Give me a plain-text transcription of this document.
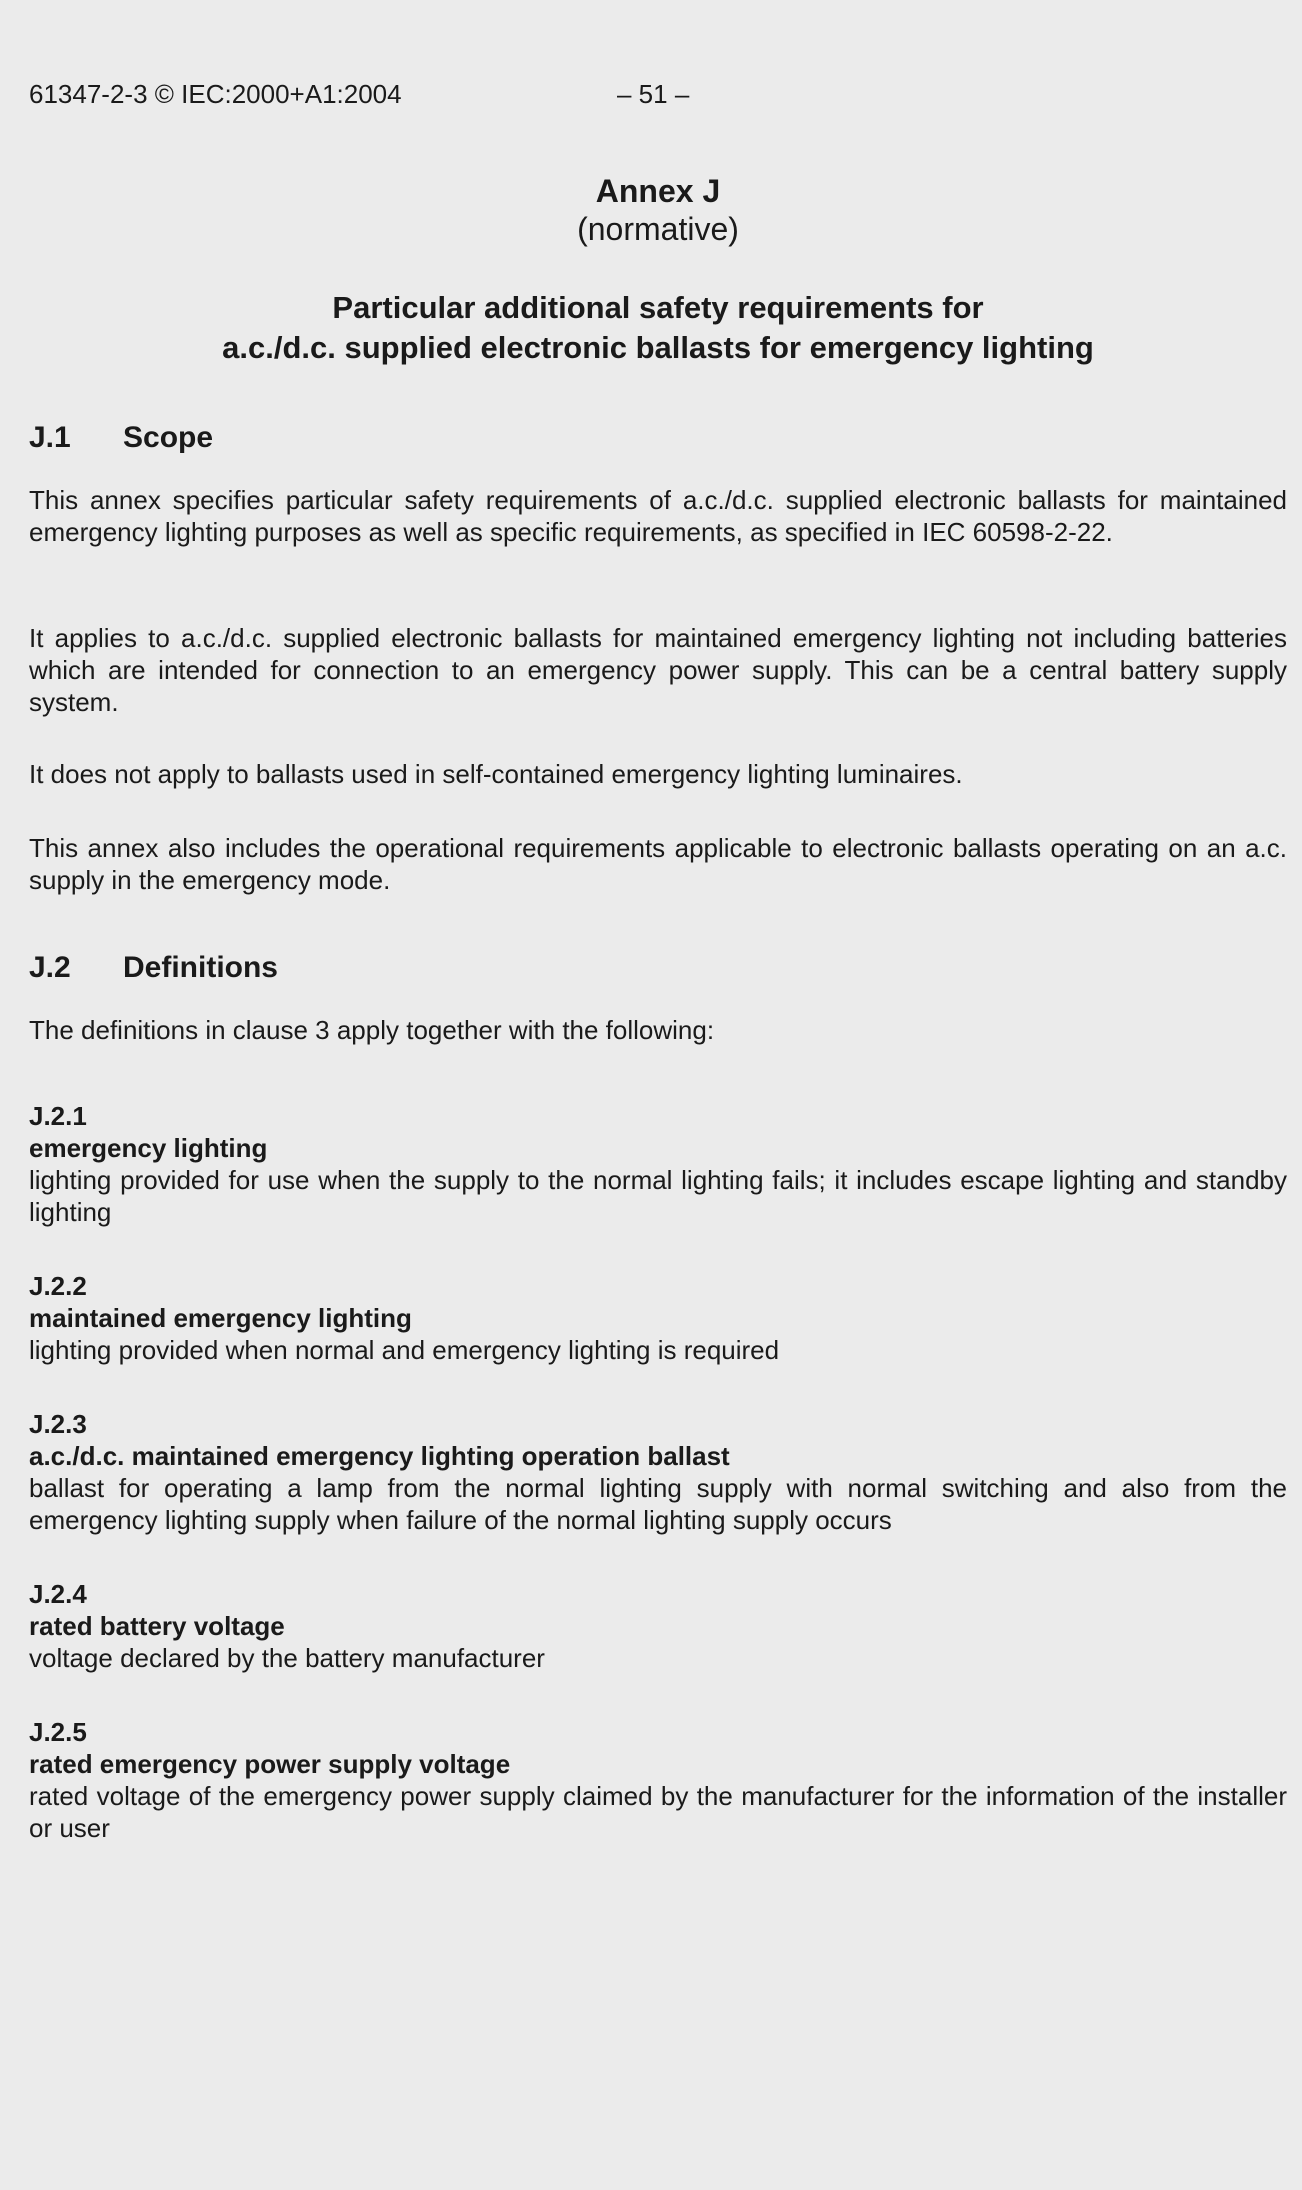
61347-2-3 © IEC:2000+A1:2004	– 51 –
Annex J
(normative)
Particular additional safety requirements for
a.c./d.c. supplied electronic ballasts for emergency lighting
J.1 Scope
This annex specifies particular safety requirements of a.c./d.c. supplied electronic ballasts for maintained emergency lighting purposes as well as specific requirements, as specified in IEC 60598-2-22.
It applies to a.c./d.c. supplied electronic ballasts for maintained emergency lighting not including batteries which are intended for connection to an emergency power supply. This can be a central battery supply system.
It does not apply to ballasts used in self-contained emergency lighting luminaires.
This annex also includes the operational requirements applicable to electronic ballasts operating on an a.c. supply in the emergency mode.
J.2 Definitions
The definitions in clause 3 apply together with the following:
J.2.1
emergency lighting
lighting provided for use when the supply to the normal lighting fails; it includes escape lighting and standby lighting
J.2.2
maintained emergency lighting
lighting provided when normal and emergency lighting is required
J.2.3
a.c./d.c. maintained emergency lighting operation ballast
ballast for operating a lamp from the normal lighting supply with normal switching and also from the emergency lighting supply when failure of the normal lighting supply occurs
J.2.4
rated battery voltage
voltage declared by the battery manufacturer
J.2.5
rated emergency power supply voltage
rated voltage of the emergency power supply claimed by the manufacturer for the information of the installer or user
